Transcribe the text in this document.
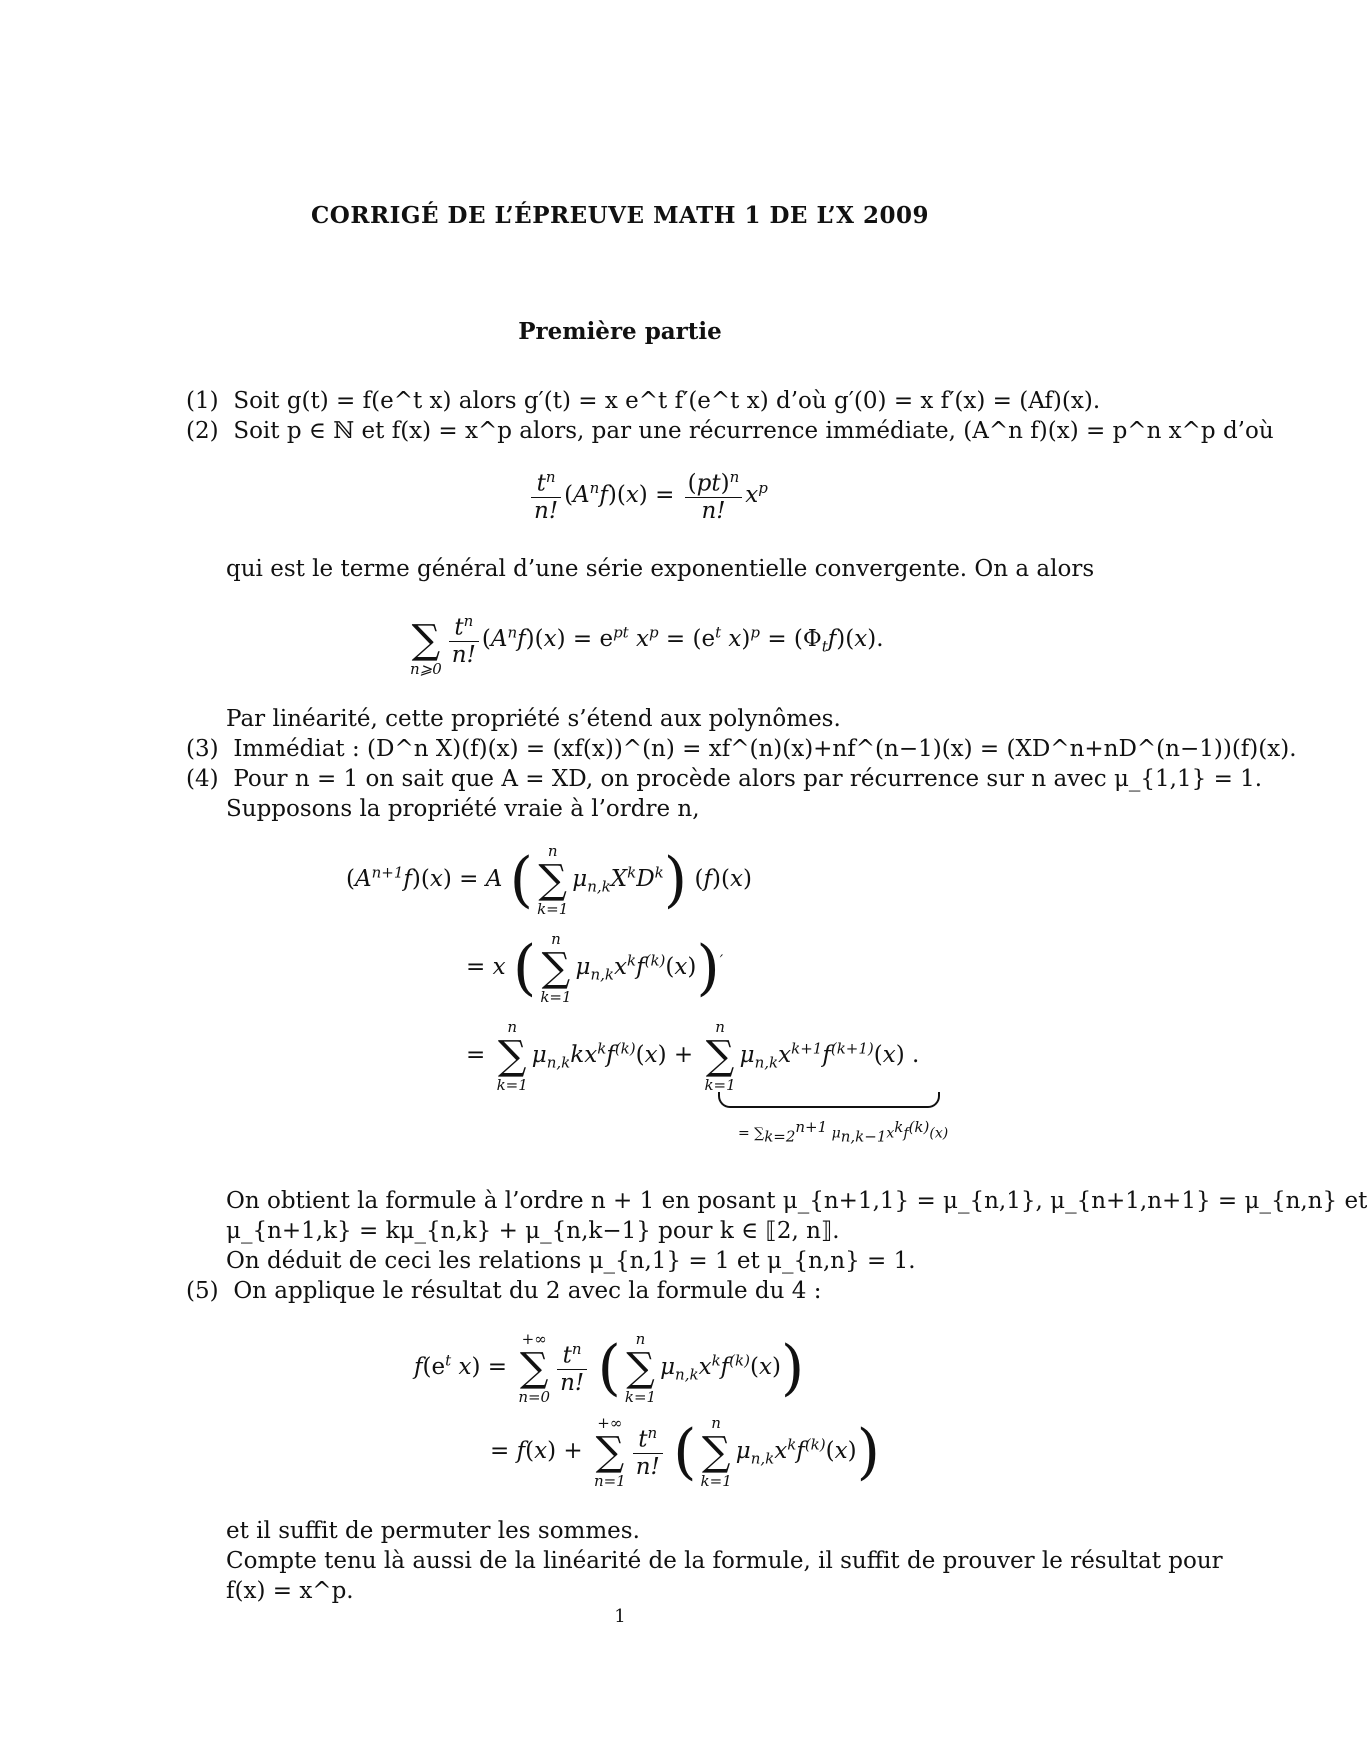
CORRIGÉ DE L’ÉPREUVE MATH 1 DE L’X 2009
Première partie
(1) Soit g(t) = f(e^t x) alors g′(t) = x e^t f′(e^t x) d’où g′(0) = x f′(x) = (Af)(x).
(2) Soit p ∈ ℕ et f(x) = x^p alors, par une récurrence immédiate, (A^n f)(x) = p^n x^p d’où
$\frac{t^n}{n!} (A^nf)(x) = \frac{(pt)^n}{n!} x^p$
qui est le terme général d’une série exponentielle convergente. On a alors

∑
n⩾0
$\frac{t^n}{n!} (A^nf)(x) = e^{pt}$ $x^p = (e^t$ $x)^p = (\Phi_tf)(x)$.
Par linéarité, cette propriété s’étend aux polynômes.
(3) Immédiat : (D^n X)(f)(x) = (xf(x))^(n) = xf^(n)(x)+nf^(n−1)(x) = (XD^n+nD^(n−1))(f)(x).
(4) Pour n = 1 on sait que A = XD, on procède alors par récurrence sur n avec μ_{1,1} = 1.
Supposons la propriété vraie à l’ordre n,
$(A^{n+1}f)(x) = A$ ( n
∑
k=1
$\mu_{n,k}X^kD^k$) (f)(x)
= x ( n
∑
k=1
$\mu_{n,k}x^kf^{(k)}(x))'$
=
n
∑
k=1
$\mu_{n,k}kx^kf^{(k)}(x)$ +
n
∑
k=1
$\mu_{n,k}x^{k+1}f^{(k+1)}(x)$ .
= $\sum_{k=2}^{n+1}$ $\mu_{n,k-1}x^kf^{(k)}(x)$
On obtient la formule à l’ordre n + 1 en posant μ_{n+1,1} = μ_{n,1}, μ_{n+1,n+1} = μ_{n,n} et
μ_{n+1,k} = kμ_{n,k} + μ_{n,k−1} pour k ∈ ⟦2, n⟧.
On déduit de ceci les relations μ_{n,1} = 1 et μ_{n,n} = 1.
(5) On applique le résultat du 2 avec la formule du 4 :
$f(e^t$ x) =
+∞
∑
n=0
$\frac{t^n}{n!}$ ( n
∑
k=1
$\mu_{n,k}x^kf^{(k)}(x)$)
= f(x) +
+∞
∑
n=1
$\frac{t^n}{n!}$ ( n
∑
k=1
$\mu_{n,k}x^kf^{(k)}(x)$)
et il suffit de permuter les sommes.
Compte tenu là aussi de la linéarité de la formule, il suffit de prouver le résultat pour
f(x) = x^p.
1
